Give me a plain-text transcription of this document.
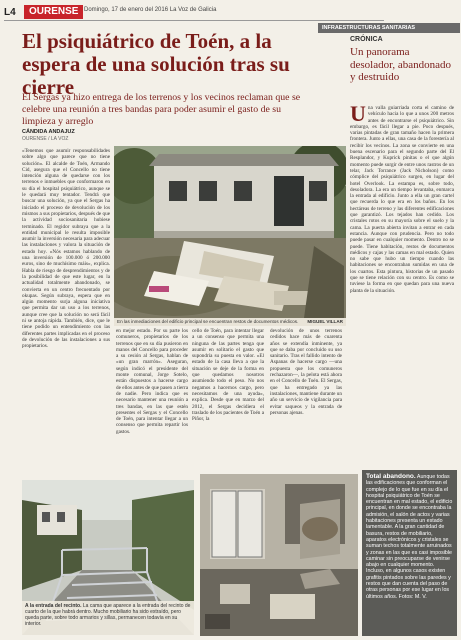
L4	OURENSE Domingo, 17 de enero del 2016 La Voz de Galicia
INFRAESTRUCTURAS SANITARIAS
El psiquiátrico de Toén, a la espera de una solución tras su cierre
El Sergas ya hizo entrega de los terrenos y los vecinos reclaman que se celebre una reunión a tres bandas para poder asumir el gasto de su limpieza y arreglo
CÁNDIDA ANDAJUZ
OURENSE / LA VOZ
«Tenemos que asumir responsabilidades sobre algo que parece que no tiene solución». El alcalde de Toén, Armando Cid, asegura que el Concello no tiene intención alguna de quedarse con los terrenos e inmuebles que conformaron en su día el hospital psiquiátrico, aunque se le quedará muy tentador. Tendrá que buscar una solución, ya que el Sergas ha iniciado el proceso de devolución de los mismos a sus propietarios, después de que la actividad sociosanitaria hubiese terminado. El regidor subraya que a la entidad municipal le resulta imposible asumir la inversión necesaria para adecuar las instalaciones y valora la situación de estado hoy. «Nós estamos hablando de una inversión de 100.000 ó 200.000 euros, sino de muchísimo máis», explica. Habla de riesgo de desprendimientos y de la posibilidad de que este lugar, en la actualidad totalmente abandonado, se convierta en un centro frecuentado por okupas. Según subraya, espera que en algún momento surja alguna iniciativa que permita dar un uso a los terrenos, aunque cree que la solución no será fácil ni se antoja rápida. También, dice, que le tiene podido un entendimiento con las diferentes partes implicadas en el proceso de devolución de las instalaciones a sus propietarios.
En las inmediaciones del edificio principal se encuentran restos de documentos médicos. MIGUEL VILLAR
en mejor estado. Por su parte los comuneros, propietarios de los terrenos que en su día pusieron en manos del Concello para proceder a su cesión al Sergas, hablan de «un gran marrón». Aseguran, según indicó el presidente del monte comunal, Jorge Sotelo, están dispuestos a hacerse cargo de ellos antes de que pasen a tierra de nadie. Pero indica que es necesario mantener una reunión a tres bandas, en las que estén presentes el Sergas y el Concello de Toén, para intentar llegar a un consenso que permita repartir los gastos.
cello de Toén, para intentar llegar a un consenso que permita una ninguna de las partes tenga que asumir en solitario el gasto que supondría su puesta en valor. «El estado de la casa lleva a que la situación se deje de la forma en que quedamos nosotros asumiendo todo el peso. No nos negamos a hacernos cargo, pero necesitamos de una ayuda», explica. Desde que en marzo del 2012, el Sergas decidiera el traslado de los pacientes de Toén a Piñor, la
devolución de unos terrenos cedidos hace más de cuarenta años se extendía inminente, ya que se daba por concluido su uso sanitario. Tras el fallido intento de Aspanas de hacerse cargo —una propuesta que los comuneros rechazaron—, la pelota está ahora en el Concello de Toén. El Sergas, que ha entregado ya las instalaciones, mantiene durante un año un servicio de vigilancia para evitar saqueos y la entrada de personas ajenas.
CRÓNICA
Un panorama desolador, abandonado y destruido
U na valla guiarriada corta el camino de vehículo hacia lo que a unos 200 metros antes de encontrarse el psiquiátrico. Sin embargo, es fácil llegar a pie. Poco después, varias pintadas de gran tamaño hacen la primera frontera. Junto a ellas, una casa de la forestería al recibir los vecinos. La zona se convierte en una buena escenario para el segundo parte del El Resplandor, y Kuprick pinitas o el que algún momento puede surgir de entre unos rastros de un telar, Jack Torrance (Jack Nicholson) como cómplice del psiquiátrico surgen, en lugar del hotel Overlook. La estampa es, sobre todo, desoladora. La era un tiempo levantaba, enmarca la entrada al edificio. Junto a ella un gran cartel que recuerda lo que era en los baños. En los hectáreas de terreno y las diferentes edificaciones que garantizó. Los tejados han cedido. Los cristales rotos en su mayoría sobre el suelo y la cama. La puerta abierta invitan a entrar en cada estancia. Aunque con prudencia. Pero no todo puede pasar en cualquier momento. Dentro no se puede. Tiene habitación, restos de documentos médicos y cajas y las camas en mal estado. Quien no sabe que hubo un tiempo cuando las habitaciones se encontraban sumidas en una de los cuartos. Esta pintura, historias de un pasado que se tiene relación con su centro. Es como se tuviese la forma en que quedan para una nueva planta de la situación.
A la entrada del recinto. La cama que aparece a la entrada del recinto de cuarto de la que habrá dentro. Mucho mobiliario ha sido extraído, pero queda parte, sobre todo armarios y sillas, permanecen todavía en su interior.
Total abandono. Aunque todas las edificaciones que conforman el complejo de lo que fue en su día el hospital psiquiátrico de Toén se encuentran en mal estado, el edificio principal, en donde se encontraba la admisión, el salón de actos y varias habitaciones presenta un estado lamentable. A la gran cantidad de basura, restos de mobiliario, aparatos electrónicos y cristales se suman techos totalmente arruinados y zonas en las que es casi imposible caminar sin preocuparse de venirse abajo en cualquier momento. Incluso, en algunos casos existen grafitis pintados sobre las paredes y restos que dan cuenta del paso de otras personas por ese lugar en los últimos años. Fotos: M. V.
